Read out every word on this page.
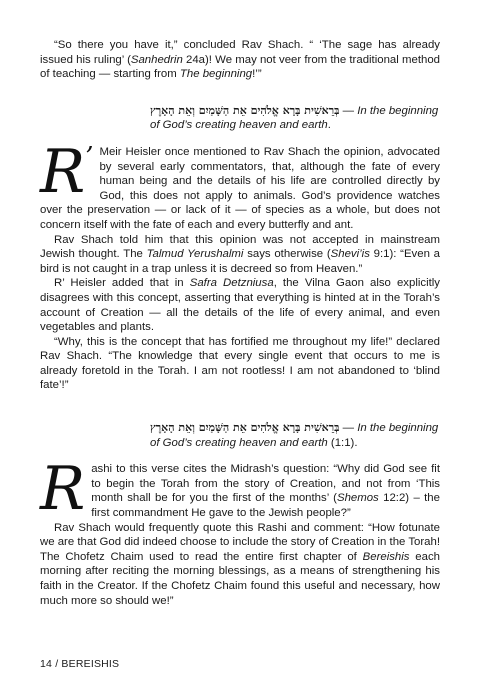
“So there you have it,” concluded Rav Shach. “ ‘The sage has already issued his ruling’ (Sanhedrin 24a)! We may not veer from the traditional method of teaching — starting from The beginning!’”

בְּרֵאשִׁית בָּרָא אֱלֹהִים אֵת הַשָּׁמַיִם וְאֵת הָאָרֶץ — In the beginning of God’s creating heaven and earth.

R’ Meir Heisler once mentioned to Rav Shach the opinion, advocated by several early commentators, that, although the fate of every human being and the details of his life are controlled directly by God, this does not apply to animals. God’s providence watches over the preservation — or lack of it — of species as a whole, but does not concern itself with the fate of each and every butterfly and ant.

Rav Shach told him that this opinion was not accepted in mainstream Jewish thought. The Talmud Yerushalmi says otherwise (Shevi’is 9:1): “Even a bird is not caught in a trap unless it is decreed so from Heaven.”

R’ Heisler added that in Safra Detzniusa, the Vilna Gaon also explicitly disagrees with this concept, asserting that everything is hinted at in the Torah’s account of Creation — all the details of the life of every animal, and even vegetables and plants.

“Why, this is the concept that has fortified me throughout my life!” declared Rav Shach. “The knowledge that every single event that occurs to me is already foretold in the Torah. I am not rootless! I am not abandoned to ‘blind fate’!”

בְּרֵאשִׁית בָּרָא אֱלֹהִים אֵת הַשָּׁמַיִם וְאֵת הָאָרֶץ — In the beginning of God’s creating heaven and earth (1:1).

Rashi to this verse cites the Midrash’s question: “Why did God see fit to begin the Torah from the story of Creation, and not from ‘This month shall be for you the first of the months’ (Shemos 12:2) – the first commandment He gave to the Jewish people?”

Rav Shach would frequently quote this Rashi and comment: “How fotunate we are that God did indeed choose to include the story of Creation in the Torah! The Chofetz Chaim used to read the entire first chapter of Bereishis each morning after reciting the morning blessings, as a means of strengthening his faith in the Creator. If the Chofetz Chaim found this useful and necessary, how much more so should we!”

14 / BEREISHIS
